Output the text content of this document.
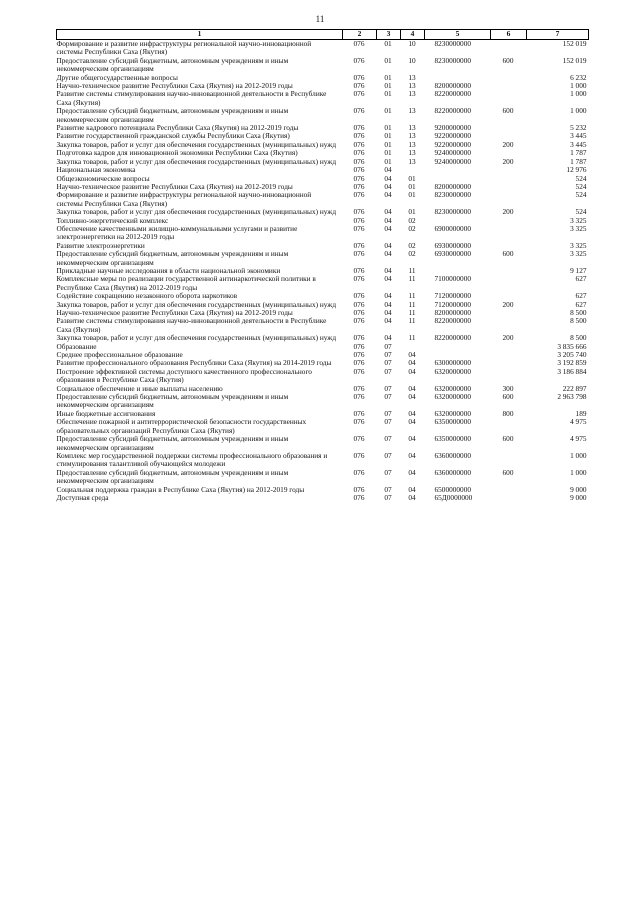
11
1	2	3	4	5	6	7
Формирование и развитие инфраструктуры региональной научно-инновационной системы Республики Саха (Якутия)	076	01	10	8230000000		152 019
Предоставление субсидий бюджетным, автономным учреждениям и иным некоммерческим организациям	076	01	10	8230000000	600	152 019
Другие общегосударственные вопросы	076	01	13			6 232
Научно-техническое развитие Республики Саха (Якутия) на 2012-2019 годы	076	01	13	8200000000		1 000
Развитие системы стимулирования научно-инновационной деятельности в Республике Саха (Якутия)	076	01	13	8220000000		1 000
Предоставление субсидий бюджетным, автономным учреждениям и иным некоммерческим организациям	076	01	13	8220000000	600	1 000
Развитие кадрового потенциала Республики Саха (Якутия) на 2012-2019 годы	076	01	13	9200000000		5 232
Развитие государственной гражданской службы Республики Саха (Якутия)	076	01	13	9220000000		3 445
Закупка товаров, работ и услуг для обеспечения государственных (муниципальных) нужд	076	01	13	9220000000	200	3 445
Подготовка кадров для инновационной экономики Республики Саха (Якутия)	076	01	13	9240000000		1 787
Закупка товаров, работ и услуг для обеспечения государственных (муниципальных) нужд	076	01	13	9240000000	200	1 787
Национальная экономика	076	04				12 976
Общеэкономические вопросы	076	04	01			524
Научно-техническое развитие Республики Саха (Якутия) на 2012-2019 годы	076	04	01	8200000000		524
Формирование и развитие инфраструктуры региональной научно-инновационной системы Республики Саха (Якутия)	076	04	01	8230000000		524
Закупка товаров, работ и услуг для обеспечения государственных (муниципальных) нужд	076	04	01	8230000000	200	524
Топливно-энергетический комплекс	076	04	02			3 325
Обеспечение качественными жилищно-коммунальными услугами и развитие электроэнергетики на 2012-2019 годы	076	04	02	6900000000		3 325
Развитие электроэнергетики	076	04	02	6930000000		3 325
Предоставление субсидий бюджетным, автономным учреждениям и иным некоммерческим организациям	076	04	02	6930000000	600	3 325
Прикладные научные исследования в области национальной экономики	076	04	11			9 127
Комплексные меры по реализации государственной антинаркотической политики в Республике Саха (Якутия) на 2012-2019 годы	076	04	11	7100000000		627
Содействие сокращению незаконного оборота наркотиков	076	04	11	7120000000		627
Закупка товаров, работ и услуг для обеспечения государственных (муниципальных) нужд	076	04	11	7120000000	200	627
Научно-техническое развитие Республики Саха (Якутия) на 2012-2019 годы	076	04	11	8200000000		8 500
Развитие системы стимулирования научно-инновационной деятельности в Республике Саха (Якутия)	076	04	11	8220000000		8 500
Закупка товаров, работ и услуг для обеспечения государственных (муниципальных) нужд	076	04	11	8220000000	200	8 500
Образование	076	07				3 835 666
Среднее профессиональное образование	076	07	04			3 205 740
Развитие профессионального образования Республики Саха (Якутия) на 2014-2019 годы	076	07	04	6300000000		3 192 859
Построение эффективной системы доступного качественного профессионального образования в Республике Саха (Якутия)	076	07	04	6320000000		3 186 884
Социальное обеспечение и иные выплаты населению	076	07	04	6320000000	300	222 897
Предоставление субсидий бюджетным, автономным учреждениям и иным некоммерческим организациям	076	07	04	6320000000	600	2 963 798
Иные бюджетные ассигнования	076	07	04	6320000000	800	189
Обеспечение пожарной и антитеррористической безопасности государственных образовательных организаций Республики Саха (Якутия)	076	07	04	6350000000		4 975
Предоставление субсидий бюджетным, автономным учреждениям и иным некоммерческим организациям	076	07	04	6350000000	600	4 975
Комплекс мер государственной поддержки системы профессионального образования и стимулирования талантливой обучающейся молодежи	076	07	04	6360000000		1 000
Предоставление субсидий бюджетным, автономным учреждениям и иным некоммерческим организациям	076	07	04	6360000000	600	1 000
Социальная поддержка граждан в Республике Саха (Якутия) на 2012-2019 годы	076	07	04	6500000000		9 000
Доступная среда	076	07	04	65Д0000000		9 000
